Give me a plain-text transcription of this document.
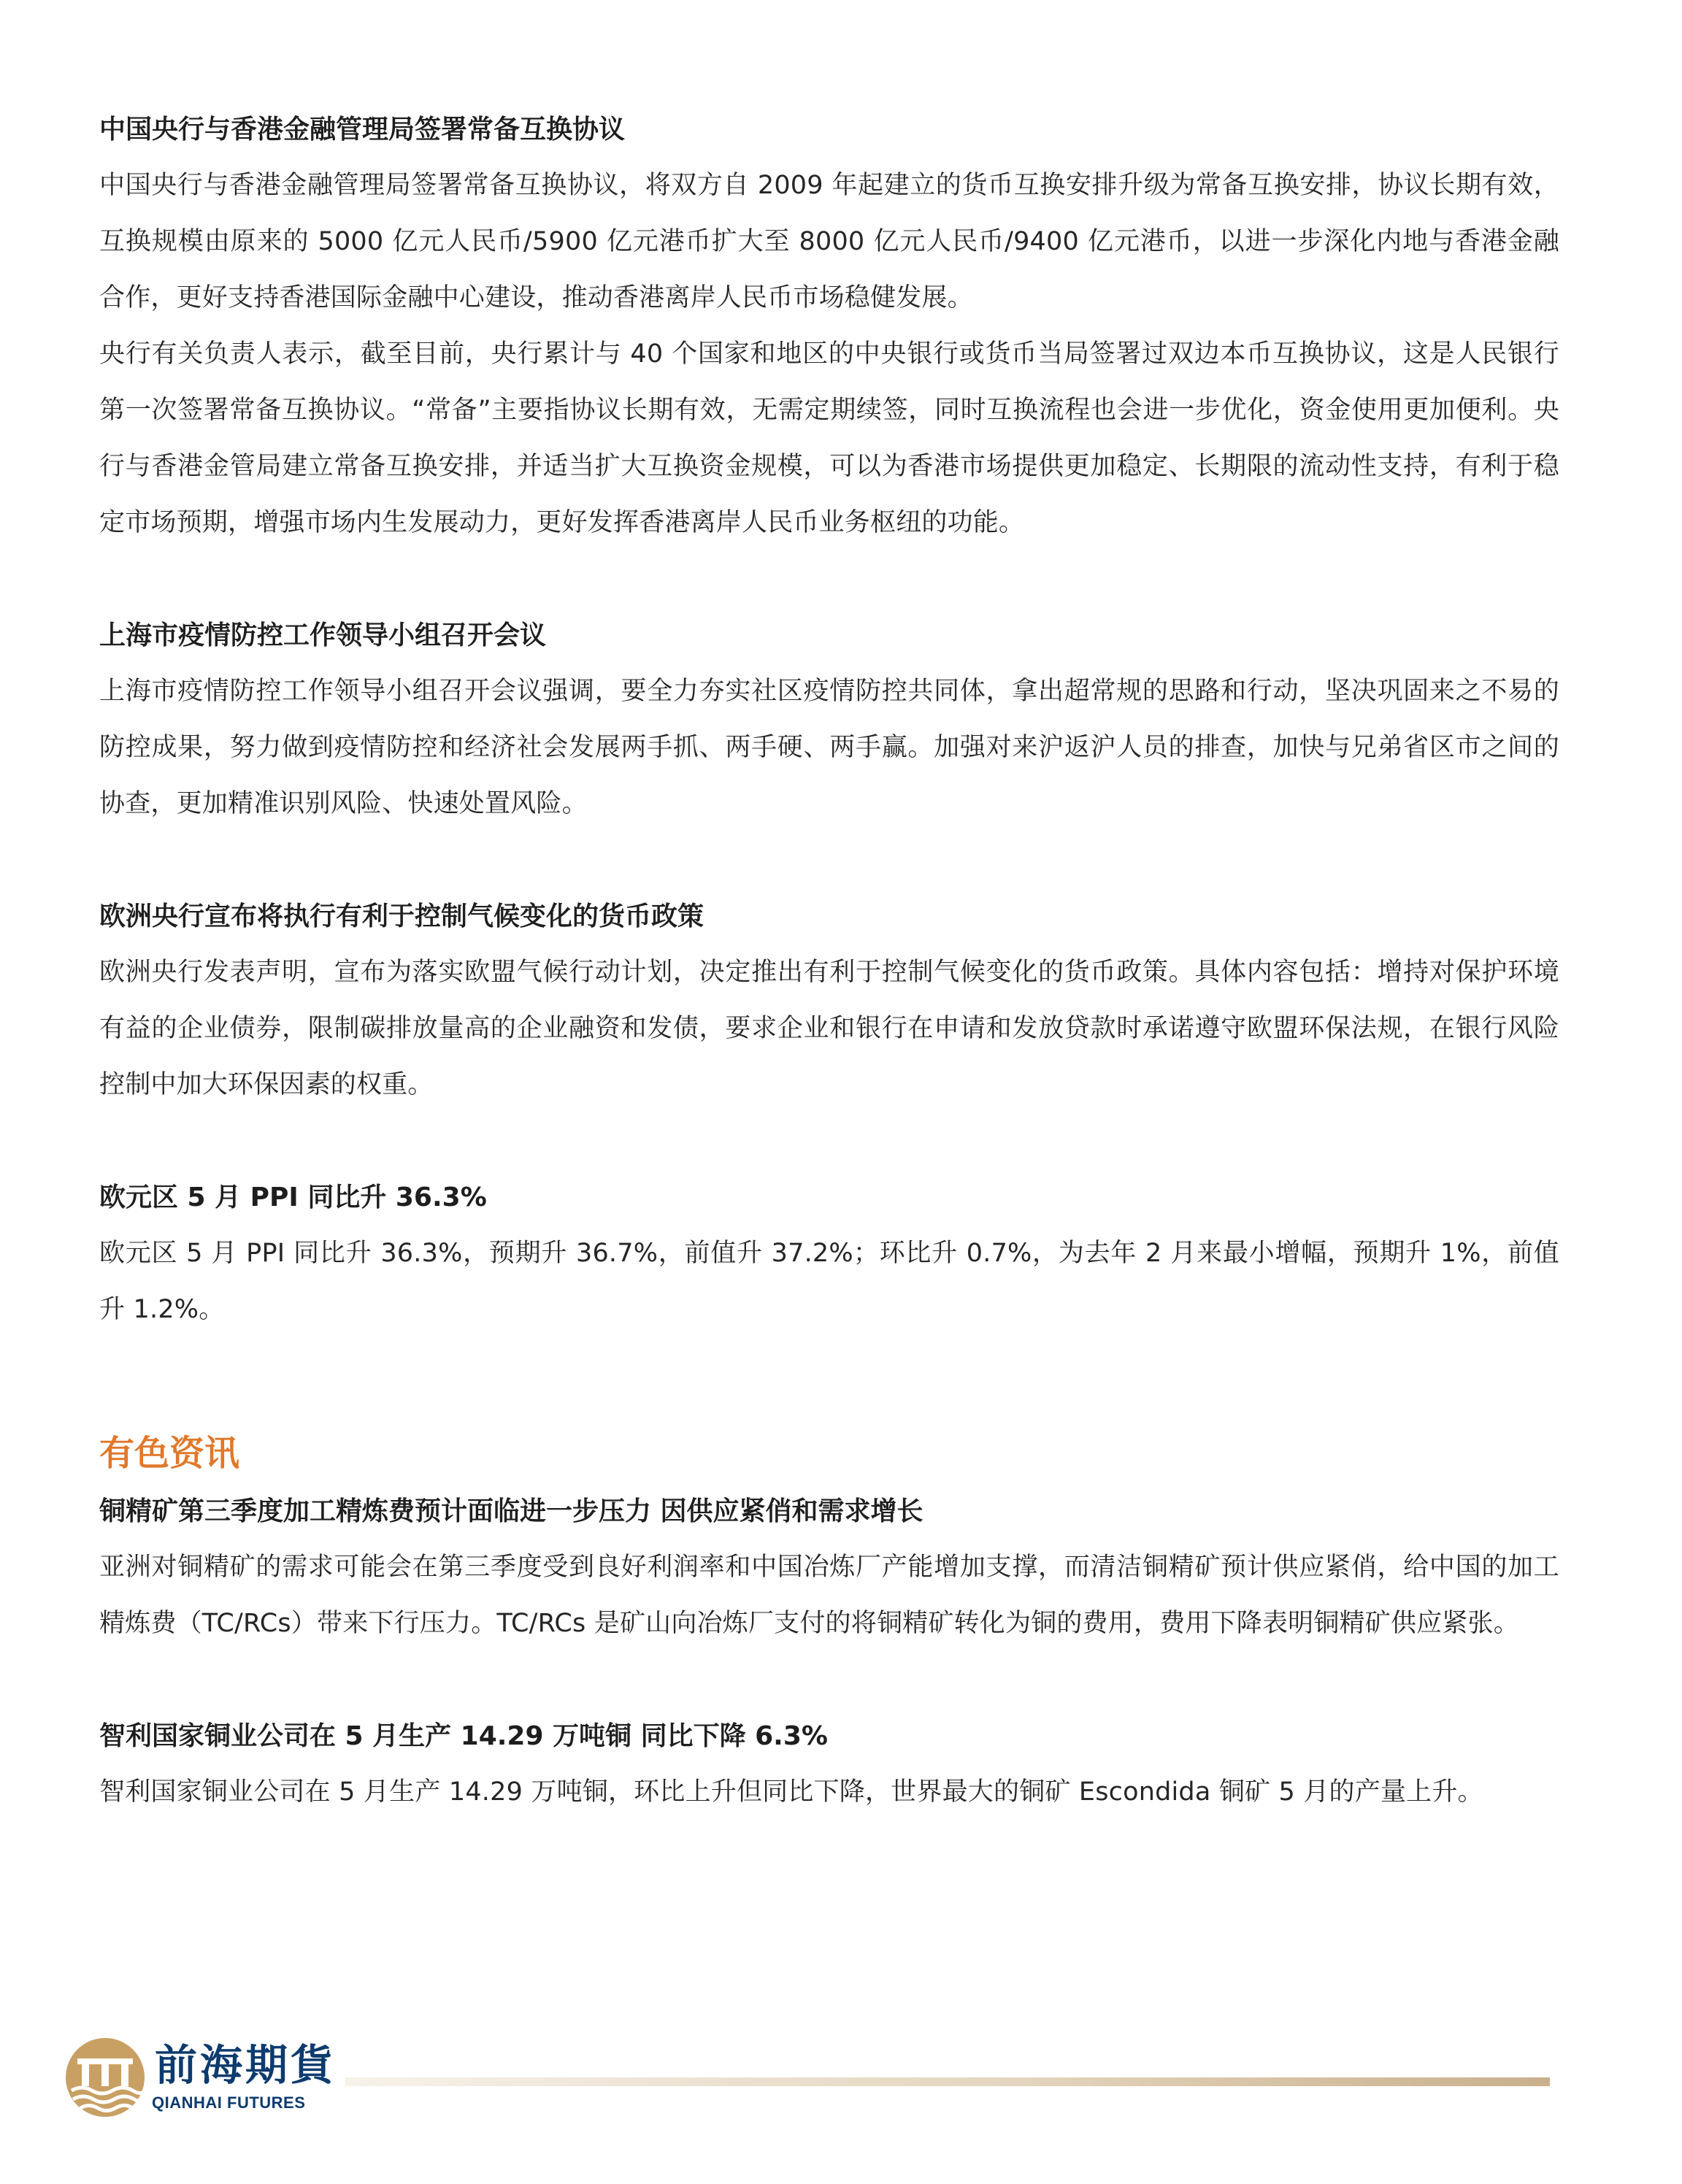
中国央行与香港金融管理局签署常备互换协议

中国央行与香港金融管理局签署常备互换协议，将双方自 2009 年起建立的货币互换安排升级为常备互换安排，协议长期有效，互换规模由原来的 5000 亿元人民币/5900 亿元港币扩大至 8000 亿元人民币/9400 亿元港币，以进一步深化内地与香港金融合作，更好支持香港国际金融中心建设，推动香港离岸人民币市场稳健发展。

央行有关负责人表示，截至目前，央行累计与 40 个国家和地区的中央银行或货币当局签署过双边本币互换协议，这是人民银行第一次签署常备互换协议。“常备”主要指协议长期有效，无需定期续签，同时互换流程也会进一步优化，资金使用更加便利。央行与香港金管局建立常备互换安排，并适当扩大互换资金规模，可以为香港市场提供更加稳定、长期限的流动性支持，有利于稳定市场预期，增强市场内生发展动力，更好发挥香港离岸人民币业务枢纽的功能。

上海市疫情防控工作领导小组召开会议

上海市疫情防控工作领导小组召开会议强调，要全力夯实社区疫情防控共同体，拿出超常规的思路和行动，坚决巩固来之不易的防控成果，努力做到疫情防控和经济社会发展两手抓、两手硬、两手赢。加强对来沪返沪人员的排查，加快与兄弟省区市之间的协查，更加精准识别风险、快速处置风险。

欧洲央行宣布将执行有利于控制气候变化的货币政策

欧洲央行发表声明，宣布为落实欧盟气候行动计划，决定推出有利于控制气候变化的货币政策。具体内容包括：增持对保护环境有益的企业债券，限制碳排放量高的企业融资和发债，要求企业和银行在申请和发放贷款时承诺遵守欧盟环保法规，在银行风险控制中加大环保因素的权重。

欧元区 5 月 PPI 同比升 36.3%

欧元区 5 月 PPI 同比升 36.3%，预期升 36.7%，前值升 37.2%；环比升 0.7%，为去年 2 月来最小增幅，预期升 1%，前值升 1.2%。

有色资讯

铜精矿第三季度加工精炼费预计面临进一步压力 因供应紧俏和需求增长

亚洲对铜精矿的需求可能会在第三季度受到良好利润率和中国冶炼厂产能增加支撑，而清洁铜精矿预计供应紧俏，给中国的加工精炼费（TC/RCs）带来下行压力。TC/RCs 是矿山向冶炼厂支付的将铜精矿转化为铜的费用，费用下降表明铜精矿供应紧张。

智利国家铜业公司在 5 月生产 14.29 万吨铜 同比下降 6.3%

智利国家铜业公司在 5 月生产 14.29 万吨铜，环比上升但同比下降，世界最大的铜矿 Escondida 铜矿 5 月的产量上升。

前海期貨
QIANHAI FUTURES
